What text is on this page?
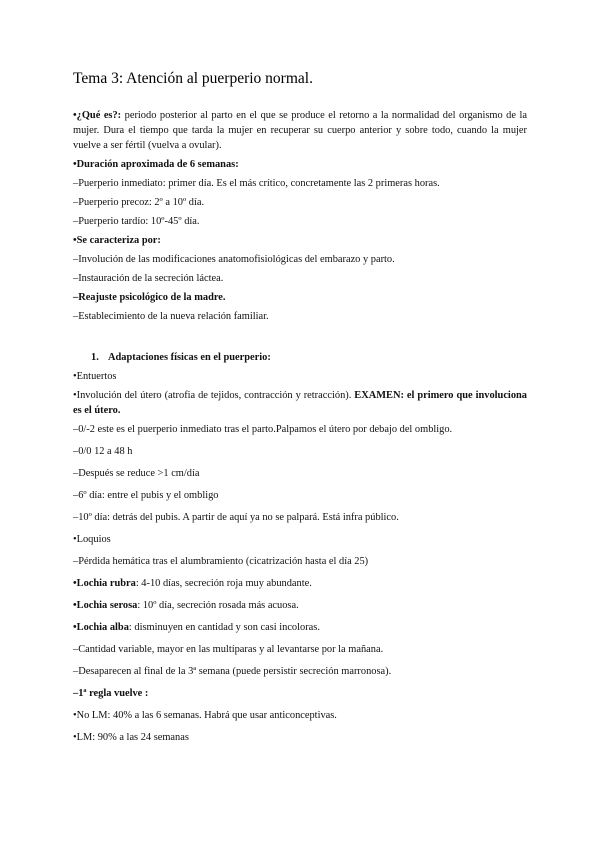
Tema 3: Atención al puerperio normal.
•¿Qué es?: periodo posterior al parto en el que se produce el retorno a la normalidad del organismo de la mujer. Dura el tiempo que tarda la mujer en recuperar su cuerpo anterior y sobre todo, cuando la mujer vuelve a ser fértil (vuelva a ovular).
•Duración aproximada de 6 semanas:
–Puerperio inmediato: primer día. Es el más crítico, concretamente las 2 primeras horas.
–Puerperio precoz: 2º a 10º día.
–Puerperio tardío: 10º-45º día.
•Se caracteriza por:
–Involución de las modificaciones anatomofisiológicas del embarazo y parto.
–Instauración de la secreción láctea.
–Reajuste psicológico de la madre.
–Establecimiento de la nueva relación familiar.
1. Adaptaciones físicas en el puerperio:
•Entuertos
•Involución del útero (atrofia de tejidos, contracción y retracción). EXAMEN: el primero que involuciona es el útero.
–0/-2 este es el puerperio inmediato tras el parto.Palpamos el útero por debajo del ombligo.
–0/0 12 a 48 h
–Después se reduce >1 cm/día
–6º día: entre el pubis y el ombligo
–10º día: detrás del pubis. A partir de aquí ya no se palpará. Está infra público.
•Loquios
–Pérdida hemática tras el alumbramiento (cicatrización hasta el día 25)
•Lochia rubra: 4-10 días, secreción roja muy abundante.
•Lochia serosa: 10º día, secreción rosada más acuosa.
•Lochia alba: disminuyen en cantidad y son casi incoloras.
–Cantidad variable, mayor en las multíparas y al levantarse por la mañana.
–Desaparecen al final de la 3ª semana (puede persistir secreción marronosa).
–1ª regla vuelve :
•No LM: 40% a las 6 semanas. Habrá que usar anticonceptivas.
•LM: 90% a las 24 semanas
